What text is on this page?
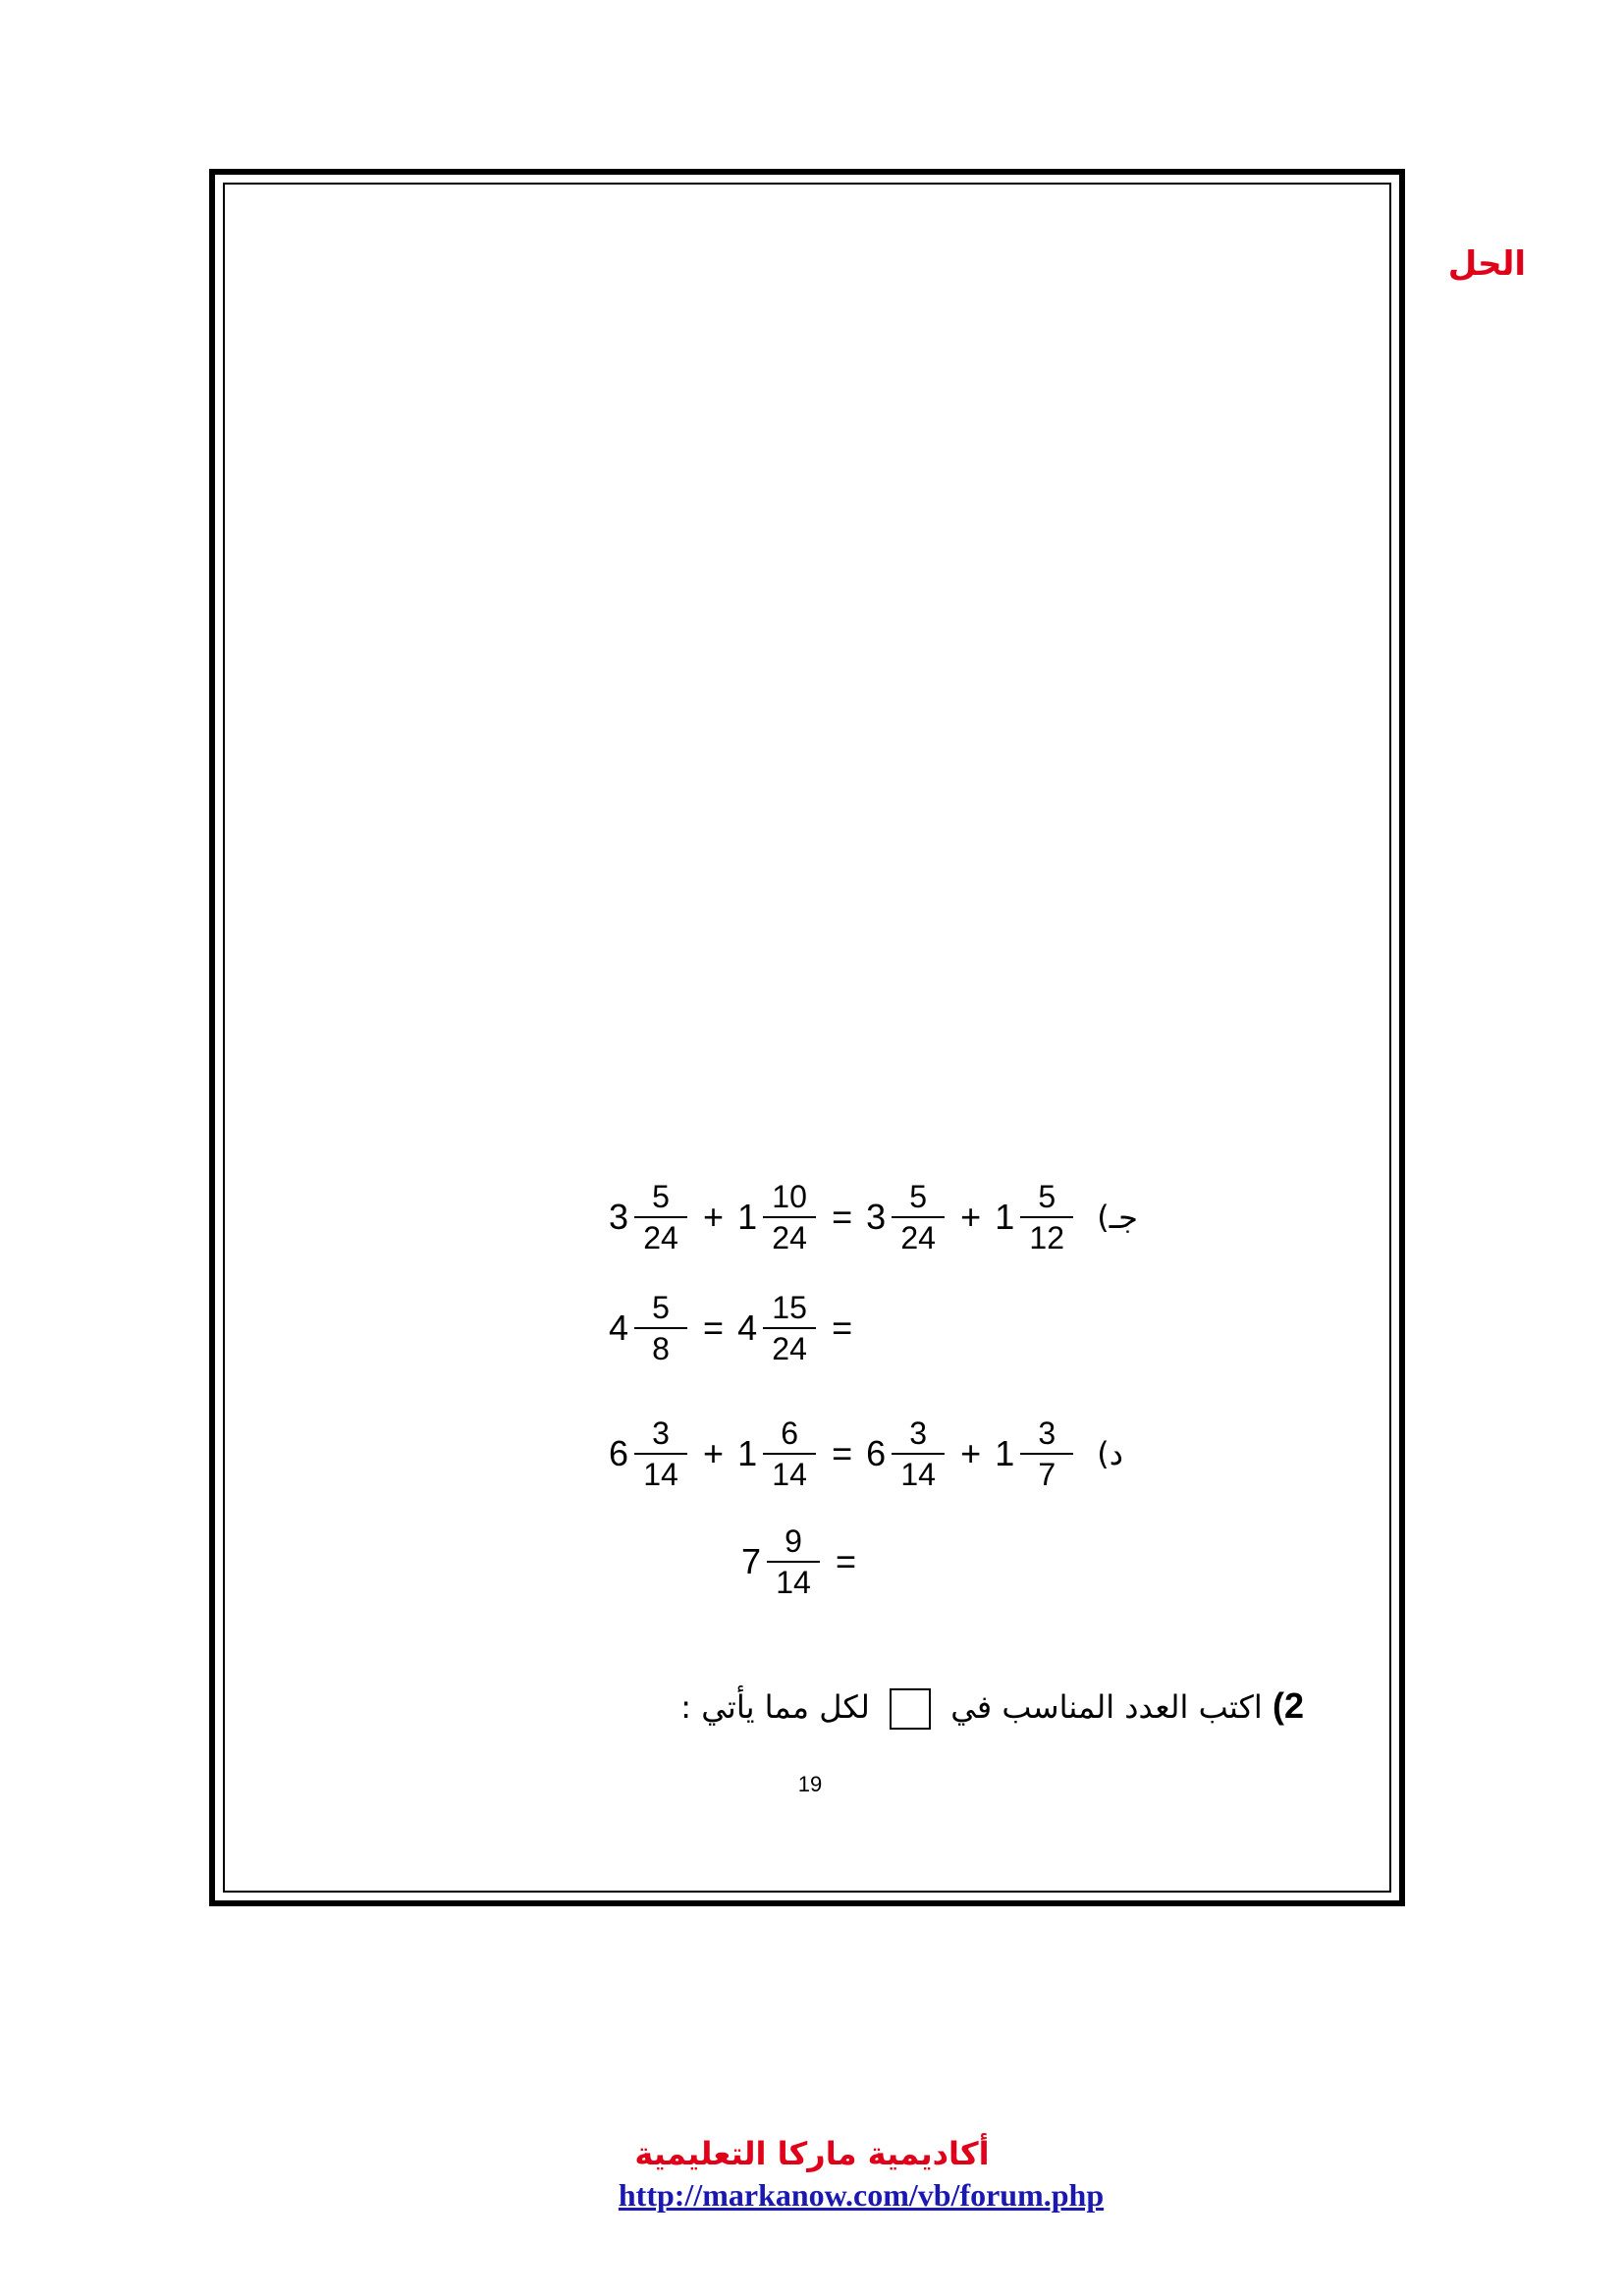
الحل
$3 \frac{5}{24} + 1 \frac{10}{24} = 3 \frac{5}{24} + 1 \frac{5}{12}$ جـ)
$4 \frac{5}{8} = 4 \frac{15}{24}$ =
$6 \frac{3}{14} + 1 \frac{6}{14} = 6 \frac{3}{14} + 1 \frac{3}{7}$ د)
$7 \frac{9}{14}$ =
2) اكتب العدد المناسب في  لكل مما يأتي :
19
أكاديمية ماركا التعليمية
http://markanow.com/vb/forum.php
